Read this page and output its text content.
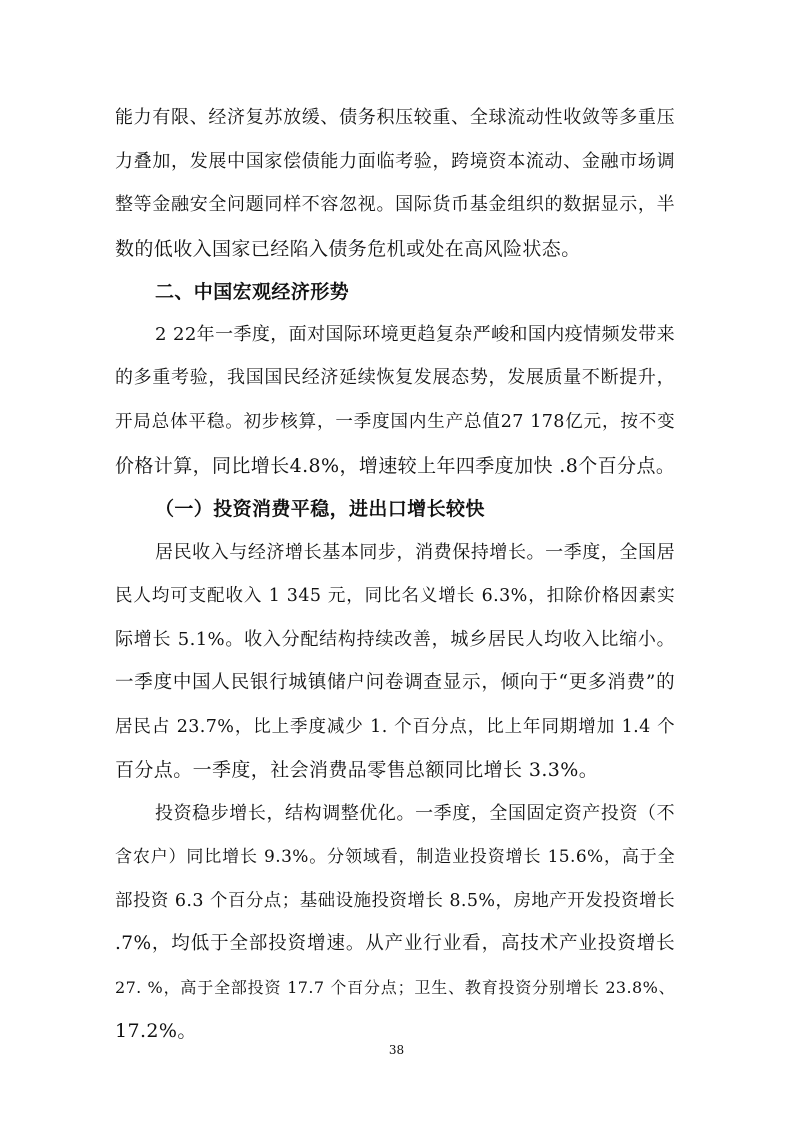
能力有限、经济复苏放缓、债务积压较重、全球流动性收敛等多重压
力叠加，发展中国家偿债能力面临考验，跨境资本流动、金融市场调
整等金融安全问题同样不容忽视。国际货币基金组织的数据显示，半
数的低收入国家已经陷入债务危机或处在高风险状态。
二、中国宏观经济形势
2 22年一季度，面对国际环境更趋复杂严峻和国内疫情频发带来
的多重考验，我国国民经济延续恢复发展态势，发展质量不断提升，
开局总体平稳。初步核算，一季度国内生产总值27 178亿元，按不变
价格计算，同比增长4.8%，增速较上年四季度加快 .8个百分点。
（一）投资消费平稳，进出口增长较快
居民收入与经济增长基本同步，消费保持增长。一季度，全国居
民人均可支配收入 1 345 元，同比名义增长 6.3%，扣除价格因素实
际增长 5.1%。收入分配结构持续改善，城乡居民人均收入比缩小。
一季度中国人民银行城镇储户问卷调查显示，倾向于“更多消费”的
居民占 23.7%，比上季度减少 1. 个百分点，比上年同期增加 1.4 个
百分点。一季度，社会消费品零售总额同比增长 3.3%。
投资稳步增长，结构调整优化。一季度，全国固定资产投资（不
含农户）同比增长 9.3%。分领域看，制造业投资增长 15.6%，高于全
部投资 6.3 个百分点；基础设施投资增长 8.5%，房地产开发投资增长
.7%，均低于全部投资增速。从产业行业看，高技术产业投资增长
27. %，高于全部投资 17.7 个百分点；卫生、教育投资分别增长 23.8%、
17.2%。
38
